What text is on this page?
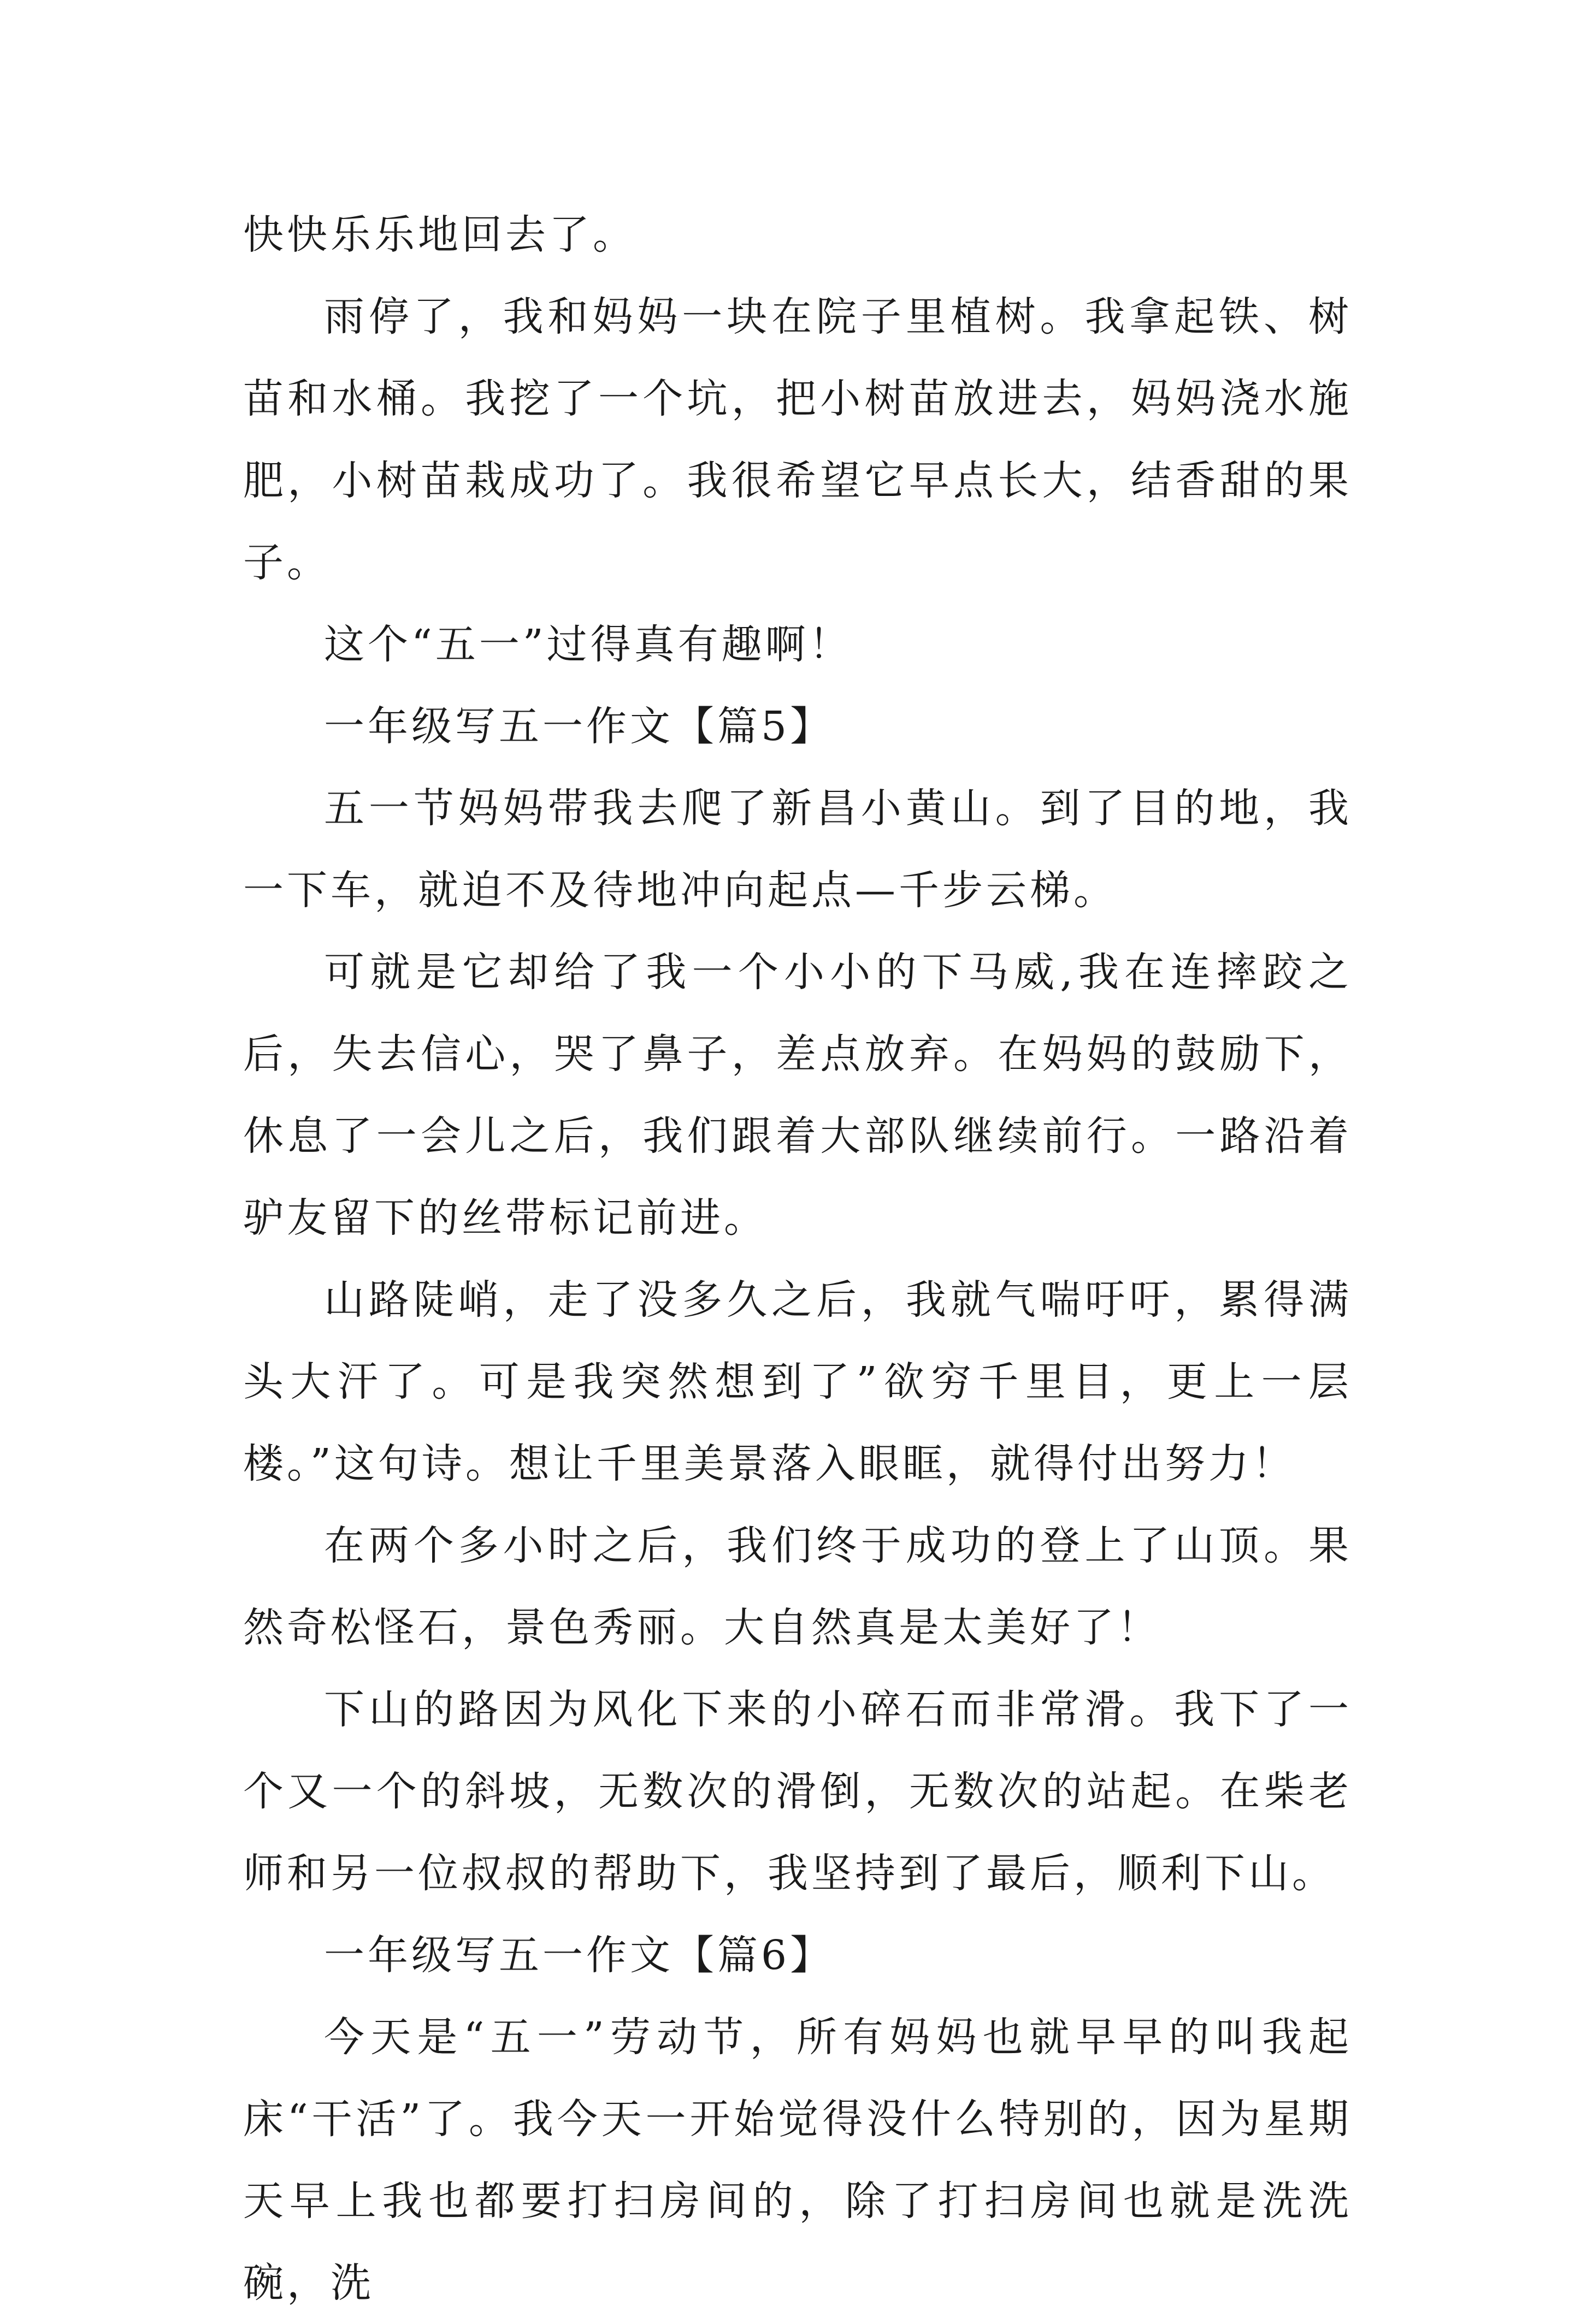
快快乐乐地回去了。

雨停了，我和妈妈一块在院子里植树。我拿起铁、树苗和水桶。我挖了一个坑，把小树苗放进去，妈妈浇水施肥，小树苗栽成功了。我很希望它早点长大，结香甜的果子。

这个“五一”过得真有趣啊！

一年级写五一作文【篇5】

五一节妈妈带我去爬了新昌小黄山。到了目的地，我一下车，就迫不及待地冲向起点—千步云梯。

可就是它却给了我一个小小的下马威,我在连摔跤之后，失去信心，哭了鼻子，差点放弃。在妈妈的鼓励下，休息了一会儿之后，我们跟着大部队继续前行。一路沿着驴友留下的丝带标记前进。

山路陡峭，走了没多久之后，我就气喘吁吁，累得满头大汗了。可是我突然想到了”欲穷千里目，更上一层楼。”这句诗。想让千里美景落入眼眶，就得付出努力！

在两个多小时之后，我们终于成功的登上了山顶。果然奇松怪石，景色秀丽。大自然真是太美好了！

下山的路因为风化下来的小碎石而非常滑。我下了一个又一个的斜坡，无数次的滑倒，无数次的站起。在柴老师和另一位叔叔的帮助下，我坚持到了最后，顺利下山。

一年级写五一作文【篇6】

今天是“五一”劳动节，所有妈妈也就早早的叫我起床“干活”了。我今天一开始觉得没什么特别的，因为星期天早上我也都要打扫房间的，除了打扫房间也就是洗洗碗，洗
